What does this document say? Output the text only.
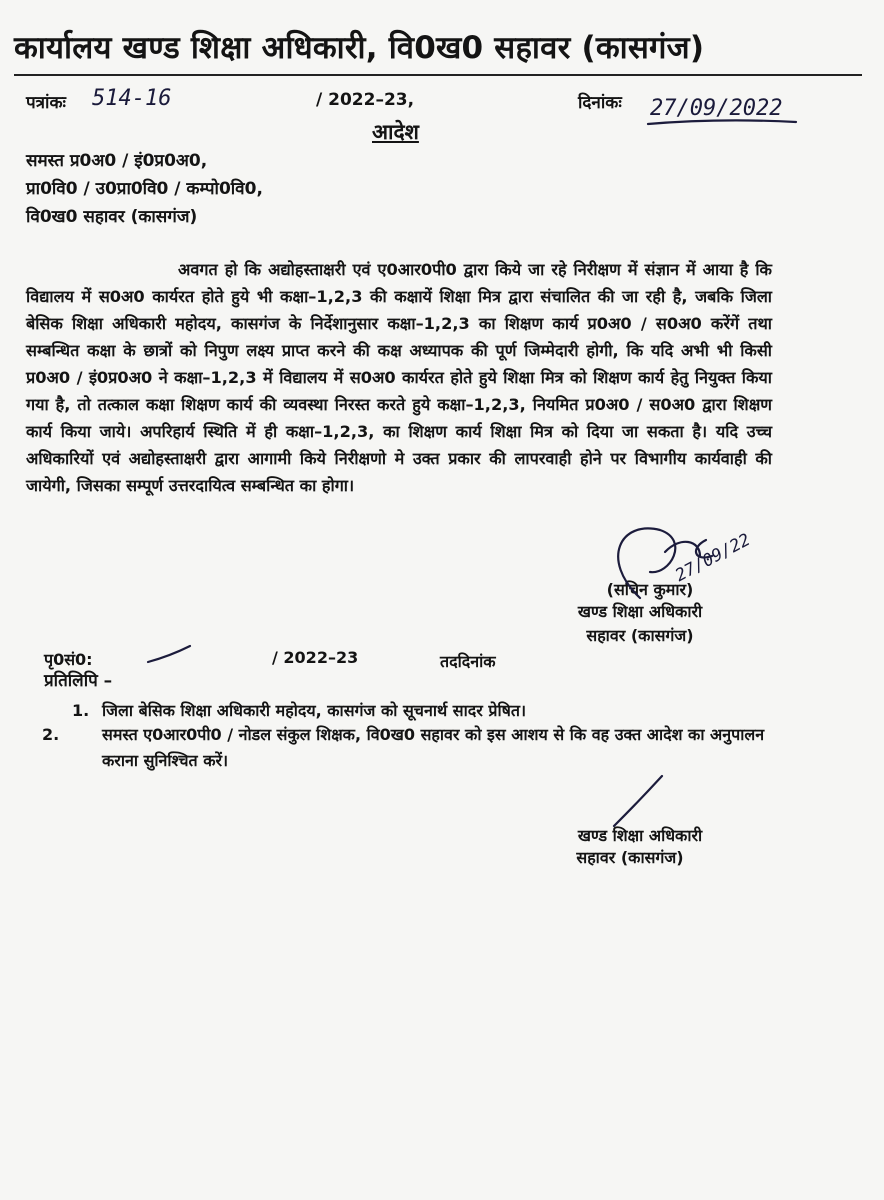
कार्यालय खण्ड शिक्षा अधिकारी, वि0ख0 सहावर (कासगंज)
पत्रांकः 514-16	/ 2022–23,	दिनांकः 27/09/2022
आदेश
समस्त प्र0अ0 / इं0प्र0अ0,
प्रा0वि0 / उ0प्रा0वि0 / कम्पो0वि0,
वि0ख0 सहावर (कासगंज)
अवगत हो कि अद्योहस्ताक्षरी एवं ए0आर0पी0 द्वारा किये जा रहे निरीक्षण में संज्ञान में आया है कि विद्यालय में स0अ0 कार्यरत होते हुये भी कक्षा–1,2,3 की कक्षायें शिक्षा मित्र द्वारा संचालित की जा रही है, जबकि जिला बेसिक शिक्षा अधिकारी महोदय, कासगंज के निर्देशानुसार कक्षा–1,2,3 का शिक्षण कार्य प्र0अ0 / स0अ0 करेंगें तथा सम्बन्धित कक्षा के छात्रों को निपुण लक्ष्य प्राप्त करने की कक्ष अध्यापक की पूर्ण जिम्मेदारी होगी, कि यदि अभी भी किसी प्र0अ0 / इं0प्र0अ0 ने कक्षा–1,2,3 में विद्यालय में स0अ0 कार्यरत होते हुये शिक्षा मित्र को शिक्षण कार्य हेतु नियुक्त किया गया है, तो तत्काल कक्षा शिक्षण कार्य की व्यवस्था निरस्त करते हुये कक्षा–1,2,3, नियमित प्र0अ0 / स0अ0 द्वारा शिक्षण कार्य किया जाये। अपरिहार्य स्थिति में ही कक्षा–1,2,3, का शिक्षण कार्य शिक्षा मित्र को दिया जा सकता है। यदि उच्च अधिकारियों एवं अद्योहस्ताक्षरी द्वारा आगामी किये निरीक्षणो मे उक्त प्रकार की लापरवाही होने पर विभागीय कार्यवाही की जायेगी, जिसका सम्पूर्ण उत्तरदायित्व सम्बन्धित का होगा।
(सचिन कुमार)
खण्ड शिक्षा अधिकारी
सहावर (कासगंज)
27/09/22
पृ0सं0:	/ 2022–23	तददिनांक
प्रतिलिपि –
1. जिला बेसिक शिक्षा अधिकारी महोदय, कासगंज को सूचनार्थ सादर प्रेषित।
2.	समस्त ए0आर0पी0 / नोडल संकुल शिक्षक, वि0ख0 सहावर को इस आशय से कि वह उक्त आदेश का अनुपालन कराना सुनिश्चित करें।
खण्ड शिक्षा अधिकारी
सहावर (कासगंज)
